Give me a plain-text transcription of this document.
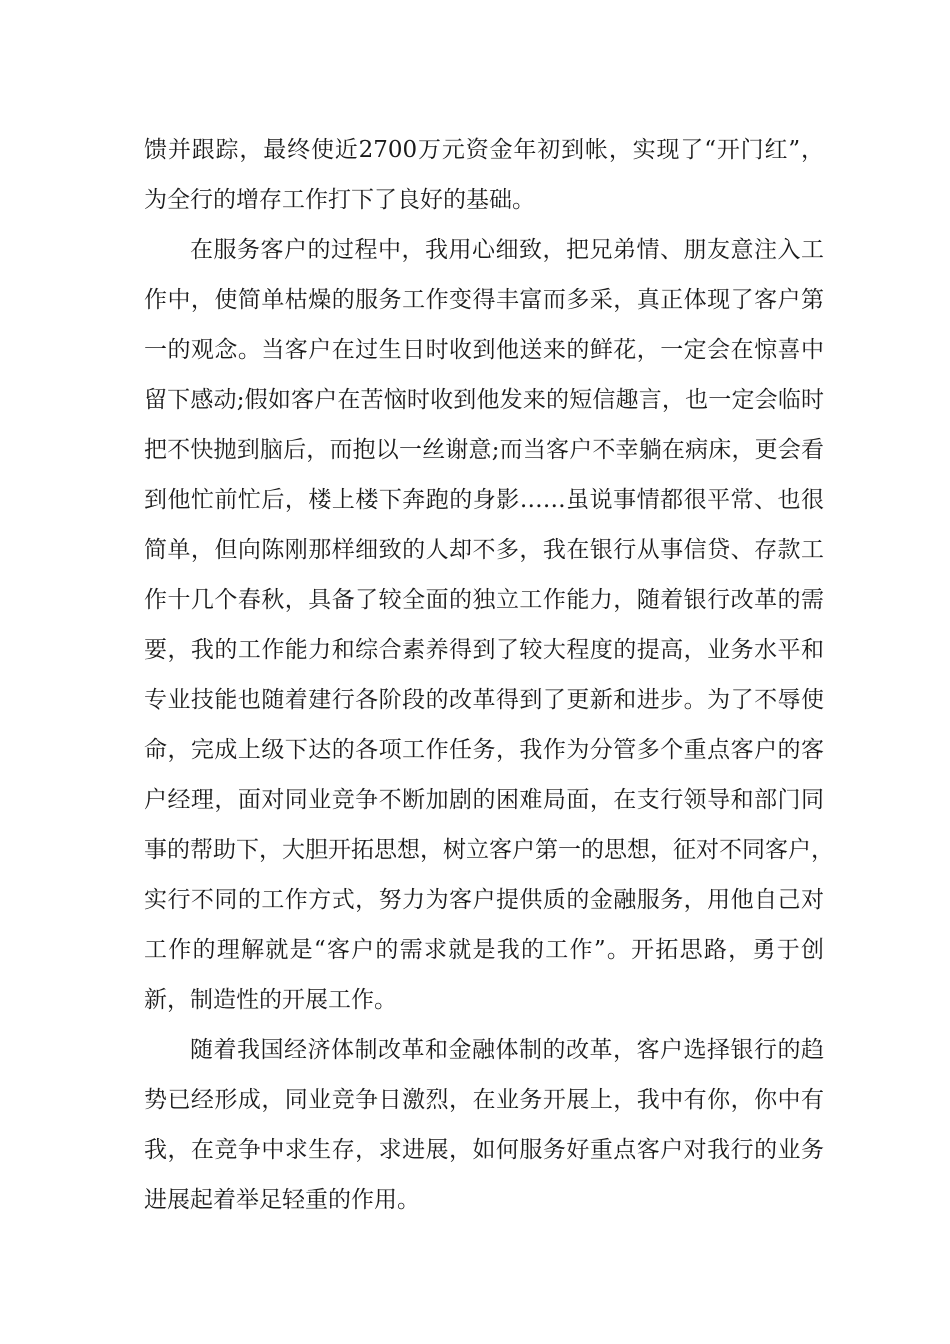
馈并跟踪，最终使近2700万元资金年初到帐，实现了“开门红”，
为全行的增存工作打下了良好的基础。
在服务客户的过程中，我用心细致，把兄弟情、朋友意注入工
作中，使简单枯燥的服务工作变得丰富而多采，真正体现了客户第
一的观念。当客户在过生日时收到他送来的鲜花，一定会在惊喜中
留下感动;假如客户在苦恼时收到他发来的短信趣言，也一定会临时
把不快抛到脑后，而抱以一丝谢意;而当客户不幸躺在病床，更会看
到他忙前忙后，楼上楼下奔跑的身影……虽说事情都很平常、也很
简单，但向陈刚那样细致的人却不多，我在银行从事信贷、存款工
作十几个春秋，具备了较全面的独立工作能力，随着银行改革的需
要，我的工作能力和综合素养得到了较大程度的提高，业务水平和
专业技能也随着建行各阶段的改革得到了更新和进步。为了不辱使
命，完成上级下达的各项工作任务，我作为分管多个重点客户的客
户经理，面对同业竞争不断加剧的困难局面，在支行领导和部门同
事的帮助下，大胆开拓思想，树立客户第一的思想，征对不同客户，
实行不同的工作方式，努力为客户提供质的金融服务，用他自己对
工作的理解就是“客户的需求就是我的工作”。开拓思路，勇于创
新，制造性的开展工作。
随着我国经济体制改革和金融体制的改革，客户选择银行的趋
势已经形成，同业竞争日激烈，在业务开展上，我中有你，你中有
我，在竞争中求生存，求进展，如何服务好重点客户对我行的业务
进展起着举足轻重的作用。
